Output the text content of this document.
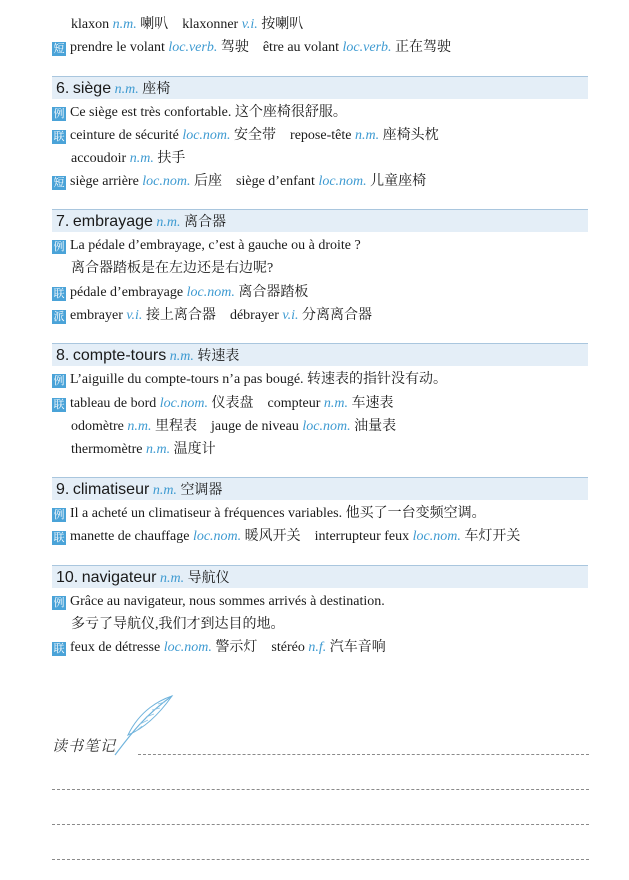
klaxon n.m. 喇叭 klaxonner v.i. 按喇叭
短 prendre le volant loc.verb. 驾驶 être au volant loc.verb. 正在驾驶
6. siège n.m. 座椅
例 Ce siège est très confortable. 这个座椅很舒服。
联 ceinture de sécurité loc.nom. 安全带 repose-tête n.m. 座椅头枕
accoudoir n.m. 扶手
短 siège arrière loc.nom. 后座 siège d’enfant loc.nom. 儿童座椅
7. embrayage n.m. 离合器
例 La pédale d’embrayage, c’est à gauche ou à droite ?
离合器踏板是在左边还是右边呢?
联 pédale d’embrayage loc.nom. 离合器踏板
派 embrayer v.i. 接上离合器 débrayer v.i. 分离离合器
8. compte-tours n.m. 转速表
例 L’aiguille du compte-tours n’a pas bougé. 转速表的指针没有动。
联 tableau de bord loc.nom. 仪表盘 compteur n.m. 车速表
odomètre n.m. 里程表 jauge de niveau loc.nom. 油量表
thermomètre n.m. 温度计
9. climatiseur n.m. 空调器
例 Il a acheté un climatiseur à fréquences variables. 他买了一台变频空调。
联 manette de chauffage loc.nom. 暖风开关 interrupteur feux loc.nom. 车灯开关
10. navigateur n.m. 导航仪
例 Grâce au navigateur, nous sommes arrivés à destination.
多亏了导航仪,我们才到达目的地。
联 feux de détresse loc.nom. 警示灯 stéréo n.f. 汽车音响
读书笔记
